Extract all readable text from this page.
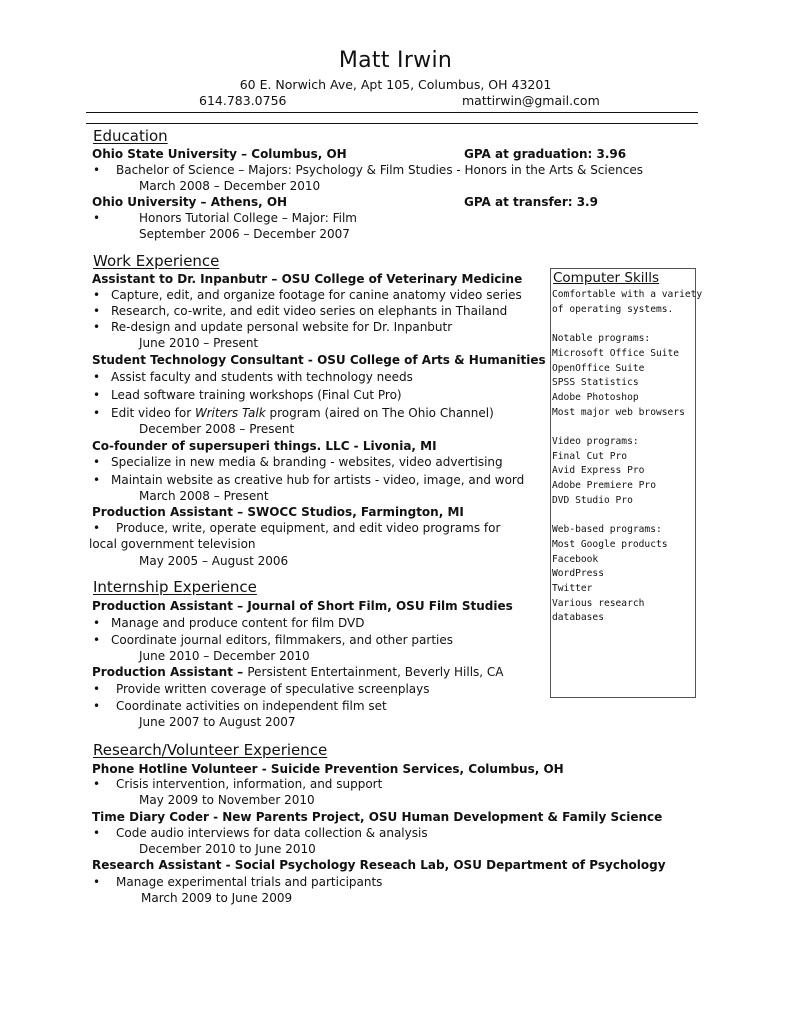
Matt Irwin
60 E. Norwich Ave, Apt 105, Columbus, OH 43201
614.783.0756	mattirwin@gmail.com
Education
Ohio State University – Columbus, OH	GPA at graduation: 3.96
• Bachelor of Science – Majors: Psychology & Film Studies - Honors in the Arts & Sciences
March 2008 – December 2010
Ohio University – Athens, OH	GPA at transfer: 3.9
•	Honors Tutorial College – Major: Film
September 2006 – December 2007
Work Experience
Assistant to Dr. Inpanbutr – OSU College of Veterinary Medicine
• Capture, edit, and organize footage for canine anatomy video series
• Research, co-write, and edit video series on elephants in Thailand
• Re-design and update personal website for Dr. Inpanbutr
June 2010 – Present
Student Technology Consultant - OSU College of Arts & Humanities
• Assist faculty and students with technology needs
• Lead software training workshops (Final Cut Pro)
• Edit video for Writers Talk program (aired on The Ohio Channel)
December 2008 – Present
Co-founder of supersuperi things. LLC - Livonia, MI
• Specialize in new media & branding - websites, video advertising
• Maintain website as creative hub for artists - video, image, and word
March 2008 – Present
Production Assistant – SWOCC Studios, Farmington, MI
• Produce, write, operate equipment, and edit video programs for
local government television
May 2005 – August 2006
Internship Experience
Production Assistant – Journal of Short Film, OSU Film Studies
• Manage and produce content for film DVD
• Coordinate journal editors, filmmakers, and other parties
June 2010 – December 2010
Production Assistant – Persistent Entertainment, Beverly Hills, CA
• Provide written coverage of speculative screenplays
• Coordinate activities on independent film set
June 2007 to August 2007
Research/Volunteer Experience
Phone Hotline Volunteer - Suicide Prevention Services, Columbus, OH
• Crisis intervention, information, and support
May 2009 to November 2010
Time Diary Coder - New Parents Project, OSU Human Development & Family Science
• Code audio interviews for data collection & analysis
December 2010 to June 2010
Research Assistant - Social Psychology Reseach Lab, OSU Department of Psychology
• Manage experimental trials and participants
March 2009 to June 2009
Computer Skills
Comfortable with a variety
of operating systems.
Notable programs:
Microsoft Office Suite
OpenOffice Suite
SPSS Statistics
Adobe Photoshop
Most major web browsers
Video programs:
Final Cut Pro
Avid Express Pro
Adobe Premiere Pro
DVD Studio Pro
Web-based programs:
Most Google products
Facebook
WordPress
Twitter
Various research
databases
